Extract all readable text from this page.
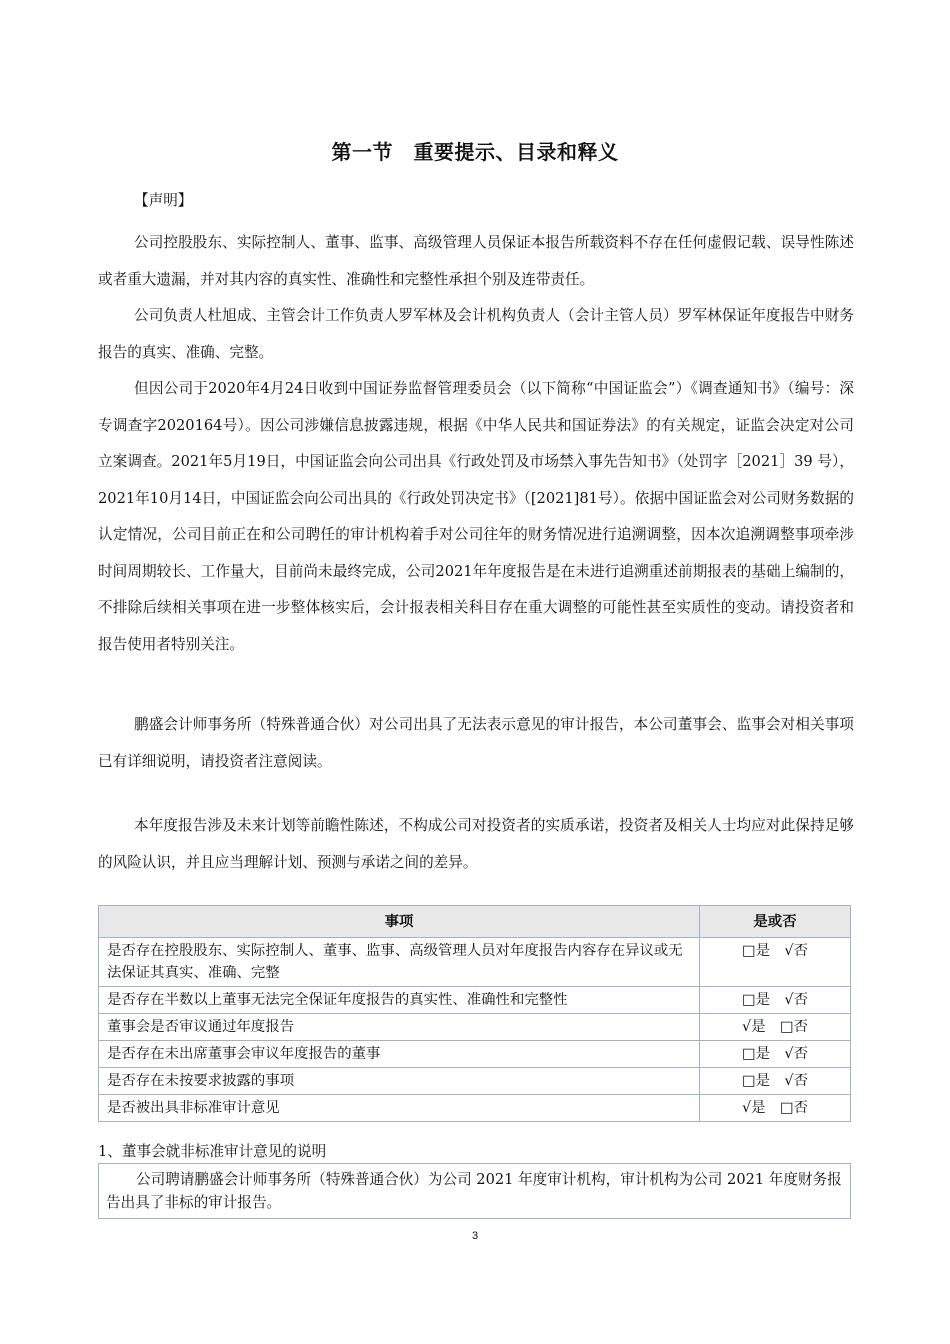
第一节　重要提示、目录和释义
【声明】
公司控股股东、实际控制人、董事、监事、高级管理人员保证本报告所载资料不存在任何虚假记载、误导性陈述或者重大遗漏，并对其内容的真实性、准确性和完整性承担个别及连带责任。
公司负责人杜旭成、主管会计工作负责人罗军林及会计机构负责人（会计主管人员）罗军林保证年度报告中财务报告的真实、准确、完整。
但因公司于2020年4月24日收到中国证券监督管理委员会（以下简称“中国证监会”）《调查通知书》（编号：深专调查字2020164号）。因公司涉嫌信息披露违规，根据《中华人民共和国证券法》的有关规定，证监会决定对公司立案调查。2021年5月19日，中国证监会向公司出具《行政处罚及市场禁入事先告知书》（处罚字［2021］39 号），2021年10月14日，中国证监会向公司出具的《行政处罚决定书》（[2021]81号）。依据中国证监会对公司财务数据的认定情况，公司目前正在和公司聘任的审计机构着手对公司往年的财务情况进行追溯调整，因本次追溯调整事项牵涉时间周期较长、工作量大，目前尚未最终完成，公司2021年年度报告是在未进行追溯重述前期报表的基础上编制的，不排除后续相关事项在进一步整体核实后，会计报表相关科目存在重大调整的可能性甚至实质性的变动。请投资者和报告使用者特别关注。
鹏盛会计师事务所（特殊普通合伙）对公司出具了无法表示意见的审计报告，本公司董事会、监事会对相关事项已有详细说明，请投资者注意阅读。
本年度报告涉及未来计划等前瞻性陈述，不构成公司对投资者的实质承诺，投资者及相关人士均应对此保持足够的风险认识，并且应当理解计划、预测与承诺之间的差异。
事项	是或否
是否存在控股股东、实际控制人、董事、监事、高级管理人员对年度报告内容存在异议或无法保证其真实、准确、完整	□是　√否
是否存在半数以上董事无法完全保证年度报告的真实性、准确性和完整性	□是　√否
董事会是否审议通过年度报告	√是　□否
是否存在未出席董事会审议年度报告的董事	□是　√否
是否存在未按要求披露的事项	□是　√否
是否被出具非标准审计意见	√是　□否
1、董事会就非标准审计意见的说明
公司聘请鹏盛会计师事务所（特殊普通合伙）为公司 2021 年度审计机构，审计机构为公司 2021 年度财务报告出具了非标的审计报告。
3
